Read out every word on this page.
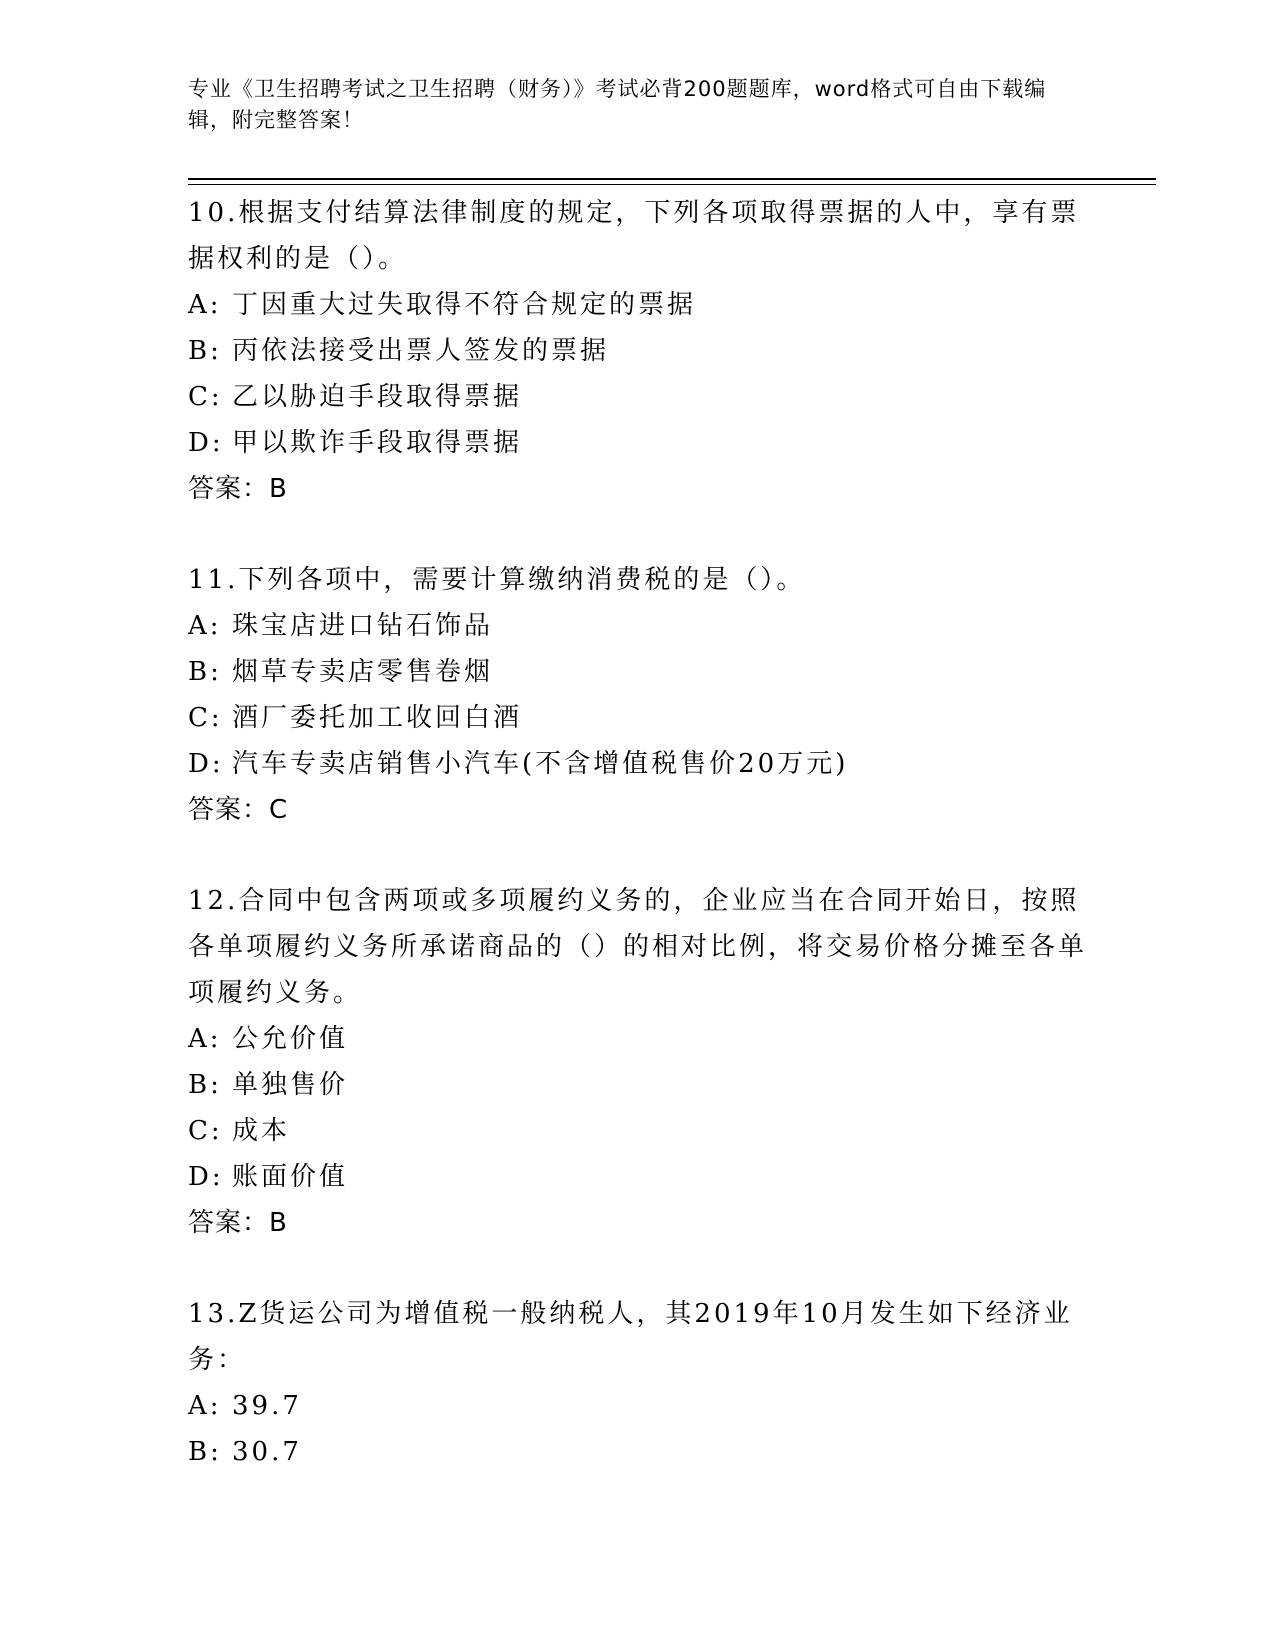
专业《卫生招聘考试之卫生招聘（财务）》考试必背200题题库，word格式可自由下载编辑，附完整答案！

10.根据支付结算法律制度的规定，下列各项取得票据的人中，享有票据权利的是（）。

A: 丁因重大过失取得不符合规定的票据

B: 丙依法接受出票人签发的票据

C: 乙以胁迫手段取得票据

D: 甲以欺诈手段取得票据

答案：B

11.下列各项中，需要计算缴纳消费税的是（）。

A: 珠宝店进口钻石饰品

B: 烟草专卖店零售卷烟

C: 酒厂委托加工收回白酒

D: 汽车专卖店销售小汽车(不含增值税售价20万元)

答案：C

12.合同中包含两项或多项履约义务的，企业应当在合同开始日，按照各单项履约义务所承诺商品的（）的相对比例，将交易价格分摊至各单项履约义务。

A: 公允价值

B: 单独售价

C: 成本

D: 账面价值

答案：B

13.Z货运公司为增值税一般纳税人，其2019年10月发生如下经济业务：

A: 39.7

B: 30.7
